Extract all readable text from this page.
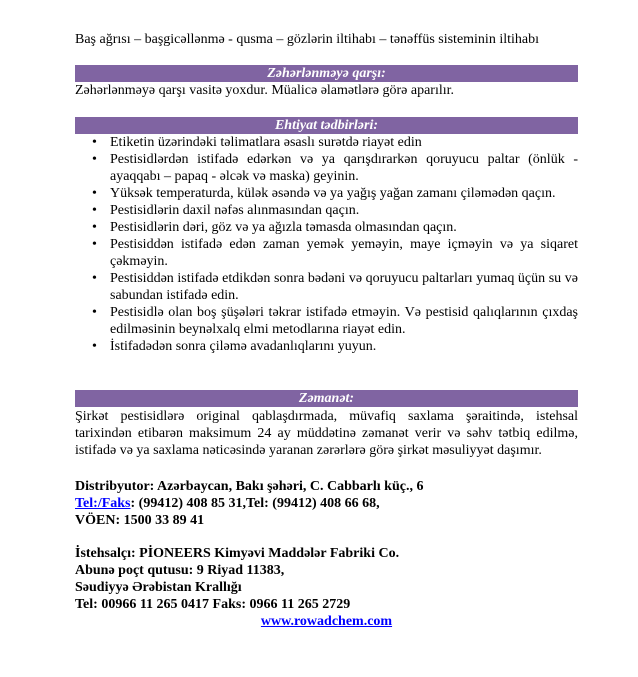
Baş ağrısı – başgicəllənmə - qusma – gözlərin iltihabı – tənəffüs sisteminin iltihabı
Zəhərlənməyə qarşı:
Zəhərlənməyə qarşı vasitə yoxdur. Müalicə əlamətlərə görə aparılır.
Ehtiyat tədbirləri:
• Etiketin üzərindəki təlimatlara əsaslı surətdə riayət edin
• Pestisidlərdən istifadə edərkən və ya qarışdırarkən qoruyucu paltar (önlük - ayaqqabı – papaq - əlcək və maska) geyinin.
• Yüksək temperaturda, külək əsəndə və ya yağış yağan zamanı çiləmədən qaçın.
• Pestisidlərin daxil nəfəs alınmasından qaçın.
• Pestisidlərin dəri, göz və ya ağızla təmasda olmasından qaçın.
• Pestisiddən istifadə edən zaman yemək yeməyin, maye içməyin və ya siqaret çəkməyin.
• Pestisiddən istifadə etdikdən sonra bədəni və qoruyucu paltarları yumaq üçün su və sabundan istifadə edin.
• Pestisidlə olan boş şüşələri təkrar istifadə etməyin. Və pestisid qalıqlarının çıxdaş edilməsinin beynəlxalq elmi metodlarına riayət edin.
• İstifadədən sonra çiləmə avadanlıqlarını yuyun.
Zəmanət:
Şirkət pestisidlərə original qablaşdırmada, müvafiq saxlama şəraitində, istehsal tarixindən etibarən maksimum 24 ay müddətinə zəmanət verir və səhv tətbiq edilmə, istifadə və ya saxlama nəticəsində yaranan zərərlərə görə şirkət məsuliyyət daşımır.
Distribyutor: Azərbaycan, Bakı şəhəri, C. Cabbarlı küç., 6
Tel:/Faks: (99412) 408 85 31,Tel: (99412) 408 66 68,
VÖEN: 1500 33 89 41
İstehsalçı: PİONEERS Kimyəvi Maddələr Fabriki Co.
Abunə poçt qutusu: 9 Riyad 11383,
Səudiyyə Ərəbistan Krallığı
Tel: 00966 11 265 0417 Faks: 0966 11 265 2729
www.rowadchem.com
